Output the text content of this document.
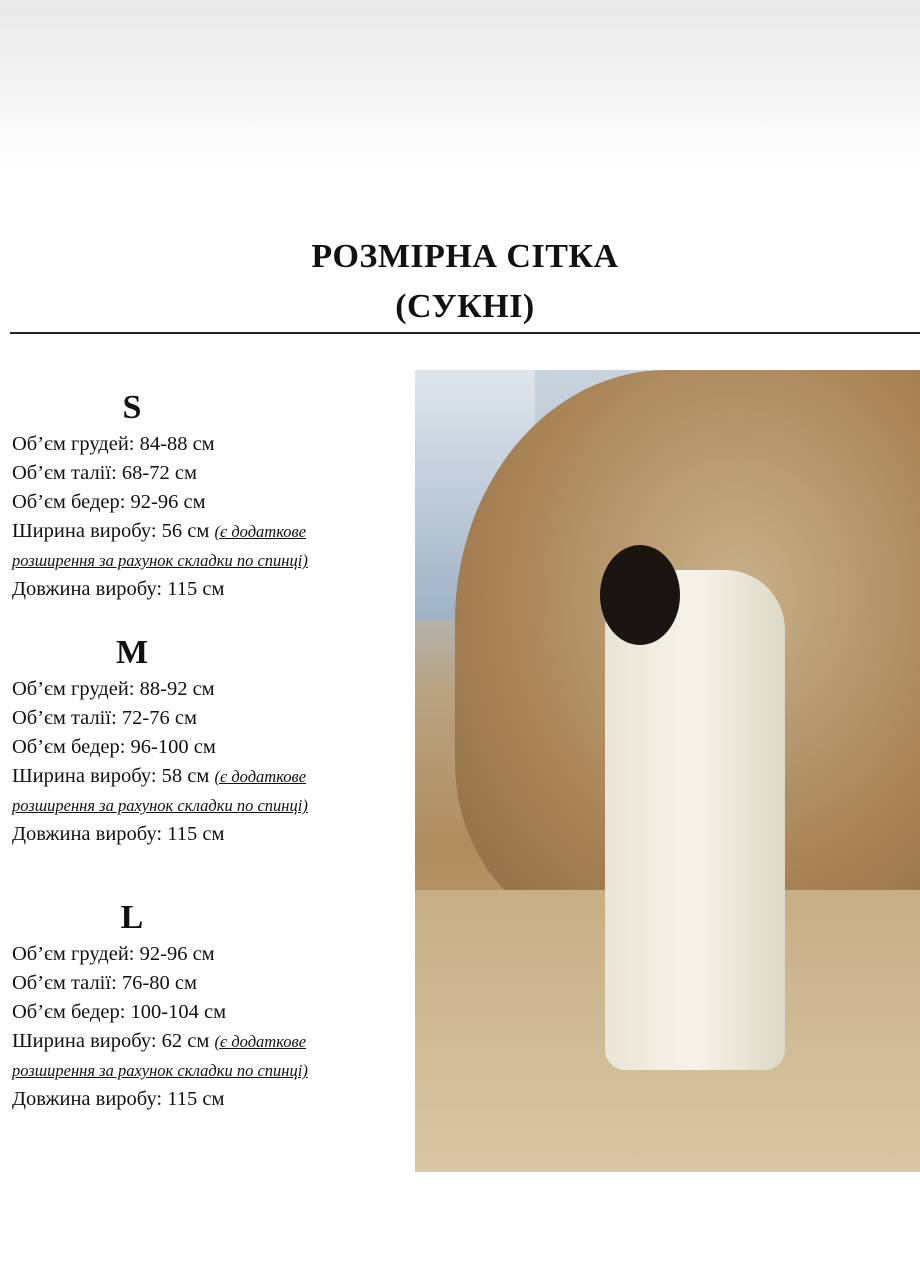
РОЗМІРНА СІТКА
(СУКНІ)
S
Об’єм грудей: 84-88 см
Об’єм талії: 68-72 см
Об’єм бедер: 92-96 см
Ширина виробу: 56 см (є додаткове розширення за рахунок складки по спинці)
Довжина виробу: 115 см
M
Об’єм грудей: 88-92 см
Об’єм талії: 72-76 см
Об’єм бедер: 96-100 см
Ширина виробу: 58 см (є додаткове розширення за рахунок складки по спинці)
Довжина виробу: 115 см
L
Об’єм грудей: 92-96 см
Об’єм талії: 76-80 см
Об’єм бедер: 100-104 см
Ширина виробу: 62 см (є додаткове розширення за рахунок складки по спинці)
Довжина виробу: 115 см
